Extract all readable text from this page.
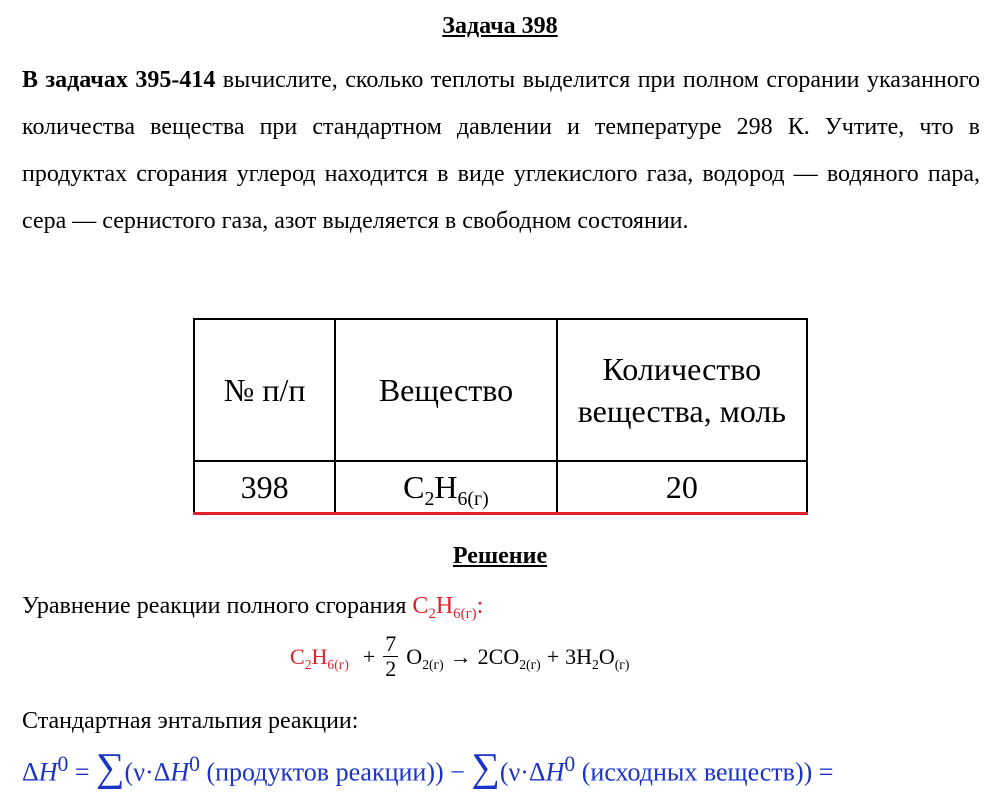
Задача 398
В задачах 395-414 вычислите, сколько теплоты выделится при полном сгорании указанного количества вещества при стандартном давлении и температуре 298 К. Учтите, что в продуктах сгорания углерод находится в виде углекислого газа, водород — водяного пара, сера — сернистого газа, азот выделяется в свободном состоянии.
№ п/п	Вещество	Количество вещества, моль
398	$C_2H_{6(г)}$	20
Решение
Уравнение реакции полного сгорания $C_2H_{6(г)}$:
$C_2H_{6(г)} + \frac{7}{2} O_{2(г)} \to 2CO_{2(г)} + 3H_2O_{(г)}$
Стандартная энтальпия реакции:
$\Delta H^0 = \sum(\nu\cdot\Delta H^0$ (продуктов реакции)) − $\sum(\nu\cdot\Delta H^0$ (исходных веществ)) =
